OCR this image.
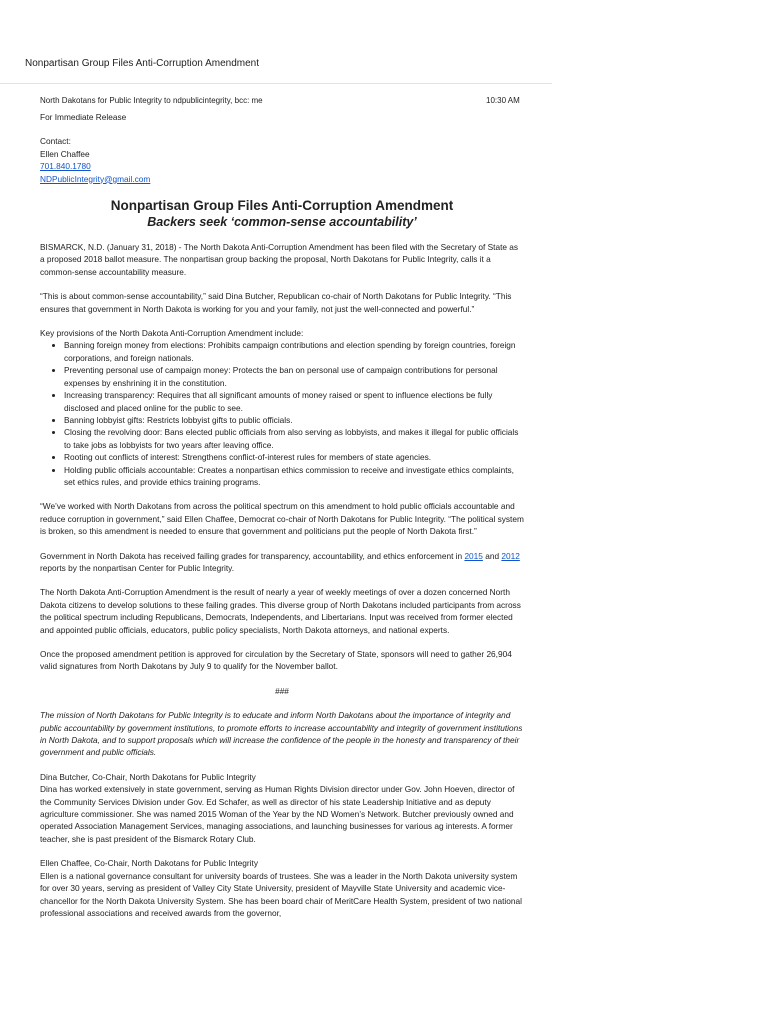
Nonpartisan Group Files Anti-Corruption Amendment
North Dakotans for Public Integrity to ndpublicintegrity, bcc: me	10:30 AM

For Immediate Release

Contact:

Ellen Chaffee

701.840.1780

NDPublicIntegrity@gmail.com

Nonpartisan Group Files Anti-Corruption Amendment
Backers seek ‘common-sense accountability’

BISMARCK, N.D. (January 31, 2018) - The North Dakota Anti-Corruption Amendment has been filed with the Secretary of State as a proposed 2018 ballot measure. The nonpartisan group backing the proposal, North Dakotans for Public Integrity, calls it a common-sense accountability measure.

“This is about common-sense accountability,” said Dina Butcher, Republican co-chair of North Dakotans for Public Integrity. “This ensures that government in North Dakota is working for you and your family, not just the well-connected and powerful.”

Key provisions of the North Dakota Anti-Corruption Amendment include:

• Banning foreign money from elections: Prohibits campaign contributions and election spending by foreign countries, foreign corporations, and foreign nationals.
• Preventing personal use of campaign money: Protects the ban on personal use of campaign contributions for personal expenses by enshrining it in the constitution.
• Increasing transparency: Requires that all significant amounts of money raised or spent to influence elections be fully disclosed and placed online for the public to see.
• Banning lobbyist gifts: Restricts lobbyist gifts to public officials.
• Closing the revolving door: Bans elected public officials from also serving as lobbyists, and makes it illegal for public officials to take jobs as lobbyists for two years after leaving office.
• Rooting out conflicts of interest: Strengthens conflict-of-interest rules for members of state agencies.
• Holding public officials accountable: Creates a nonpartisan ethics commission to receive and investigate ethics complaints, set ethics rules, and provide ethics training programs.

“We’ve worked with North Dakotans from across the political spectrum on this amendment to hold public officials accountable and reduce corruption in government,” said Ellen Chaffee, Democrat co-chair of North Dakotans for Public Integrity. “The political system is broken, so this amendment is needed to ensure that government and politicians put the people of North Dakota first.”

Government in North Dakota has received failing grades for transparency, accountability, and ethics enforcement in 2015 and 2012 reports by the nonpartisan Center for Public Integrity.

The North Dakota Anti-Corruption Amendment is the result of nearly a year of weekly meetings of over a dozen concerned North Dakota citizens to develop solutions to these failing grades. This diverse group of North Dakotans included participants from across the political spectrum including Republicans, Democrats, Independents, and Libertarians. Input was received from former elected and appointed public officials, educators, public policy specialists, North Dakota attorneys, and national experts.

Once the proposed amendment petition is approved for circulation by the Secretary of State, sponsors will need to gather 26,904 valid signatures from North Dakotans by July 9 to qualify for the November ballot.

###

The mission of North Dakotans for Public Integrity is to educate and inform North Dakotans about the importance of integrity and public accountability by government institutions, to promote efforts to increase accountability and integrity of government institutions in North Dakota, and to support proposals which will increase the confidence of the people in the honesty and transparency of their government and public officials.

Dina Butcher, Co-Chair, North Dakotans for Public Integrity

Dina has worked extensively in state government, serving as Human Rights Division director under Gov. John Hoeven, director of the Community Services Division under Gov. Ed Schafer, as well as director of his state Leadership Initiative and as deputy agriculture commissioner. She was named 2015 Woman of the Year by the ND Women’s Network. Butcher previously owned and operated Association Management Services, managing associations, and launching businesses for various ag interests. A former teacher, she is past president of the Bismarck Rotary Club.

Ellen Chaffee, Co-Chair, North Dakotans for Public Integrity

Ellen is a national governance consultant for university boards of trustees. She was a leader in the North Dakota university system for over 30 years, serving as president of Valley City State University, president of Mayville State University and academic vice-chancellor for the North Dakota University System. She has been board chair of MeritCare Health System, president of two national professional associations and received awards from the governor,
